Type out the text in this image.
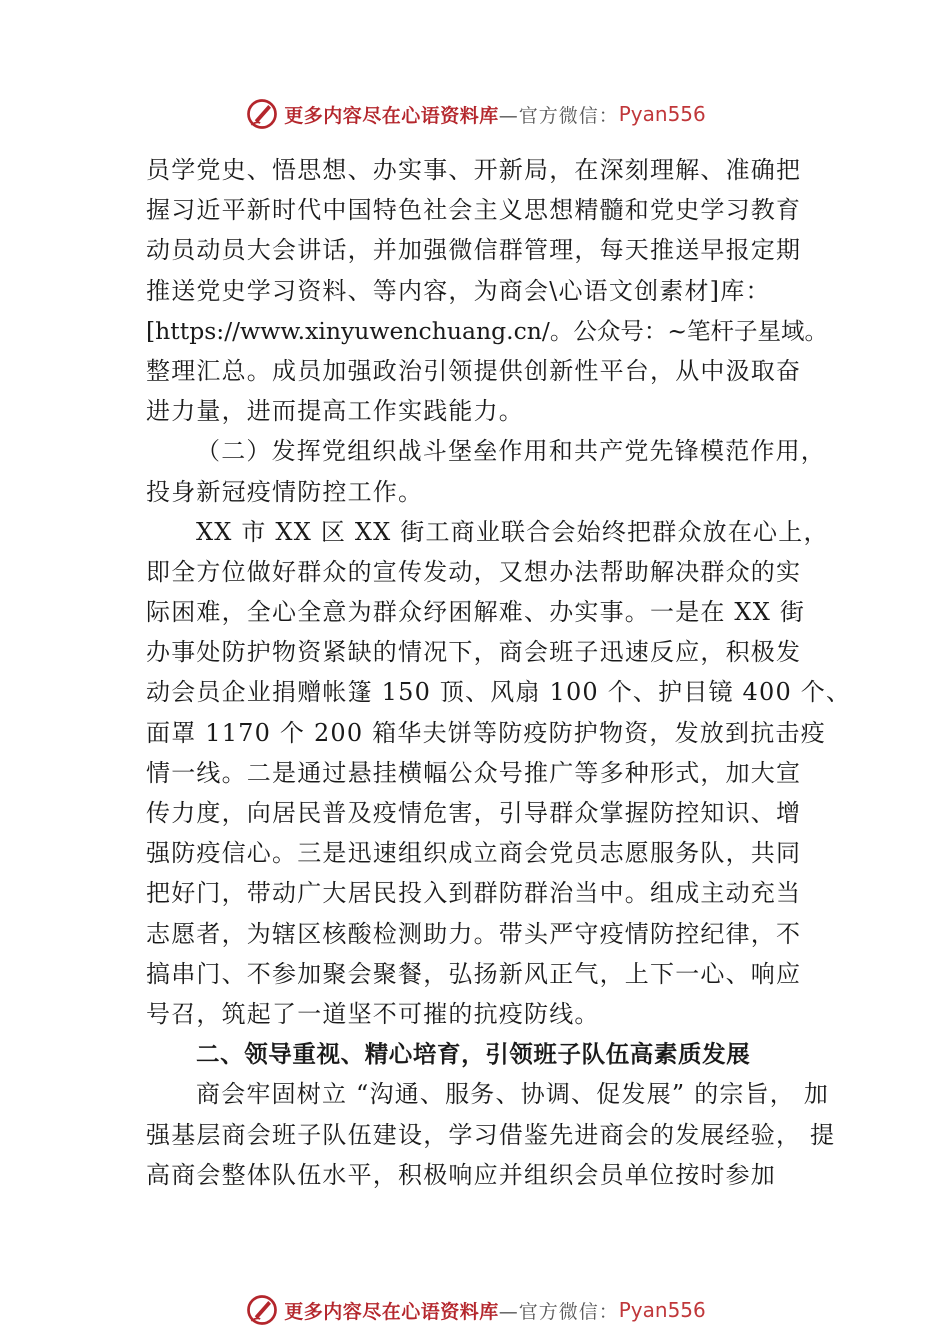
更多内容尽在心语资料库 —官方微信： Pyan556
员学党史、悟思想、办实事、开新局，在深刻理解、准确把
握习近平新时代中国特色社会主义思想精髓和党史学习教育
动员动员大会讲话，并加强微信群管理，每天推送早报定期
推送党史学习资料、等内容，为商会\心语文创素材]库：
[https://www.xinyuwenchuang.cn/。公众号：~笔杆子星域。
整理汇总。成员加强政治引领提供创新性平台，从中汲取奋
进力量，进而提高工作实践能力。
（二）发挥党组织战斗堡垒作用和共产党先锋模范作用，
投身新冠疫情防控工作。
XX 市 XX 区 XX 街工商业联合会始终把群众放在心上，
即全方位做好群众的宣传发动，又想办法帮助解决群众的实
际困难，全心全意为群众纾困解难、办实事。一是在 XX 街
办事处防护物资紧缺的情况下，商会班子迅速反应，积极发
动会员企业捐赠帐篷 150 顶、风扇 100 个、护目镜 400 个、
面罩 1170 个 200 箱华夫饼等防疫防护物资，发放到抗击疫
情一线。二是通过悬挂横幅公众号推广等多种形式，加大宣
传力度，向居民普及疫情危害，引导群众掌握防控知识、增
强防疫信心。三是迅速组织成立商会党员志愿服务队，共同
把好门，带动广大居民投入到群防群治当中。组成主动充当
志愿者，为辖区核酸检测助力。带头严守疫情防控纪律，不
搞串门、不参加聚会聚餐，弘扬新风正气，上下一心、响应
号召，筑起了一道坚不可摧的抗疫防线。
二、领导重视、精心培育，引领班子队伍高素质发展
商会牢固树立 “沟通、服务、协调、促发展” 的宗旨， 加
强基层商会班子队伍建设，学习借鉴先进商会的发展经验， 提
高商会整体队伍水平，积极响应并组织会员单位按时参加
更多内容尽在心语资料库 —官方微信： Pyan556
